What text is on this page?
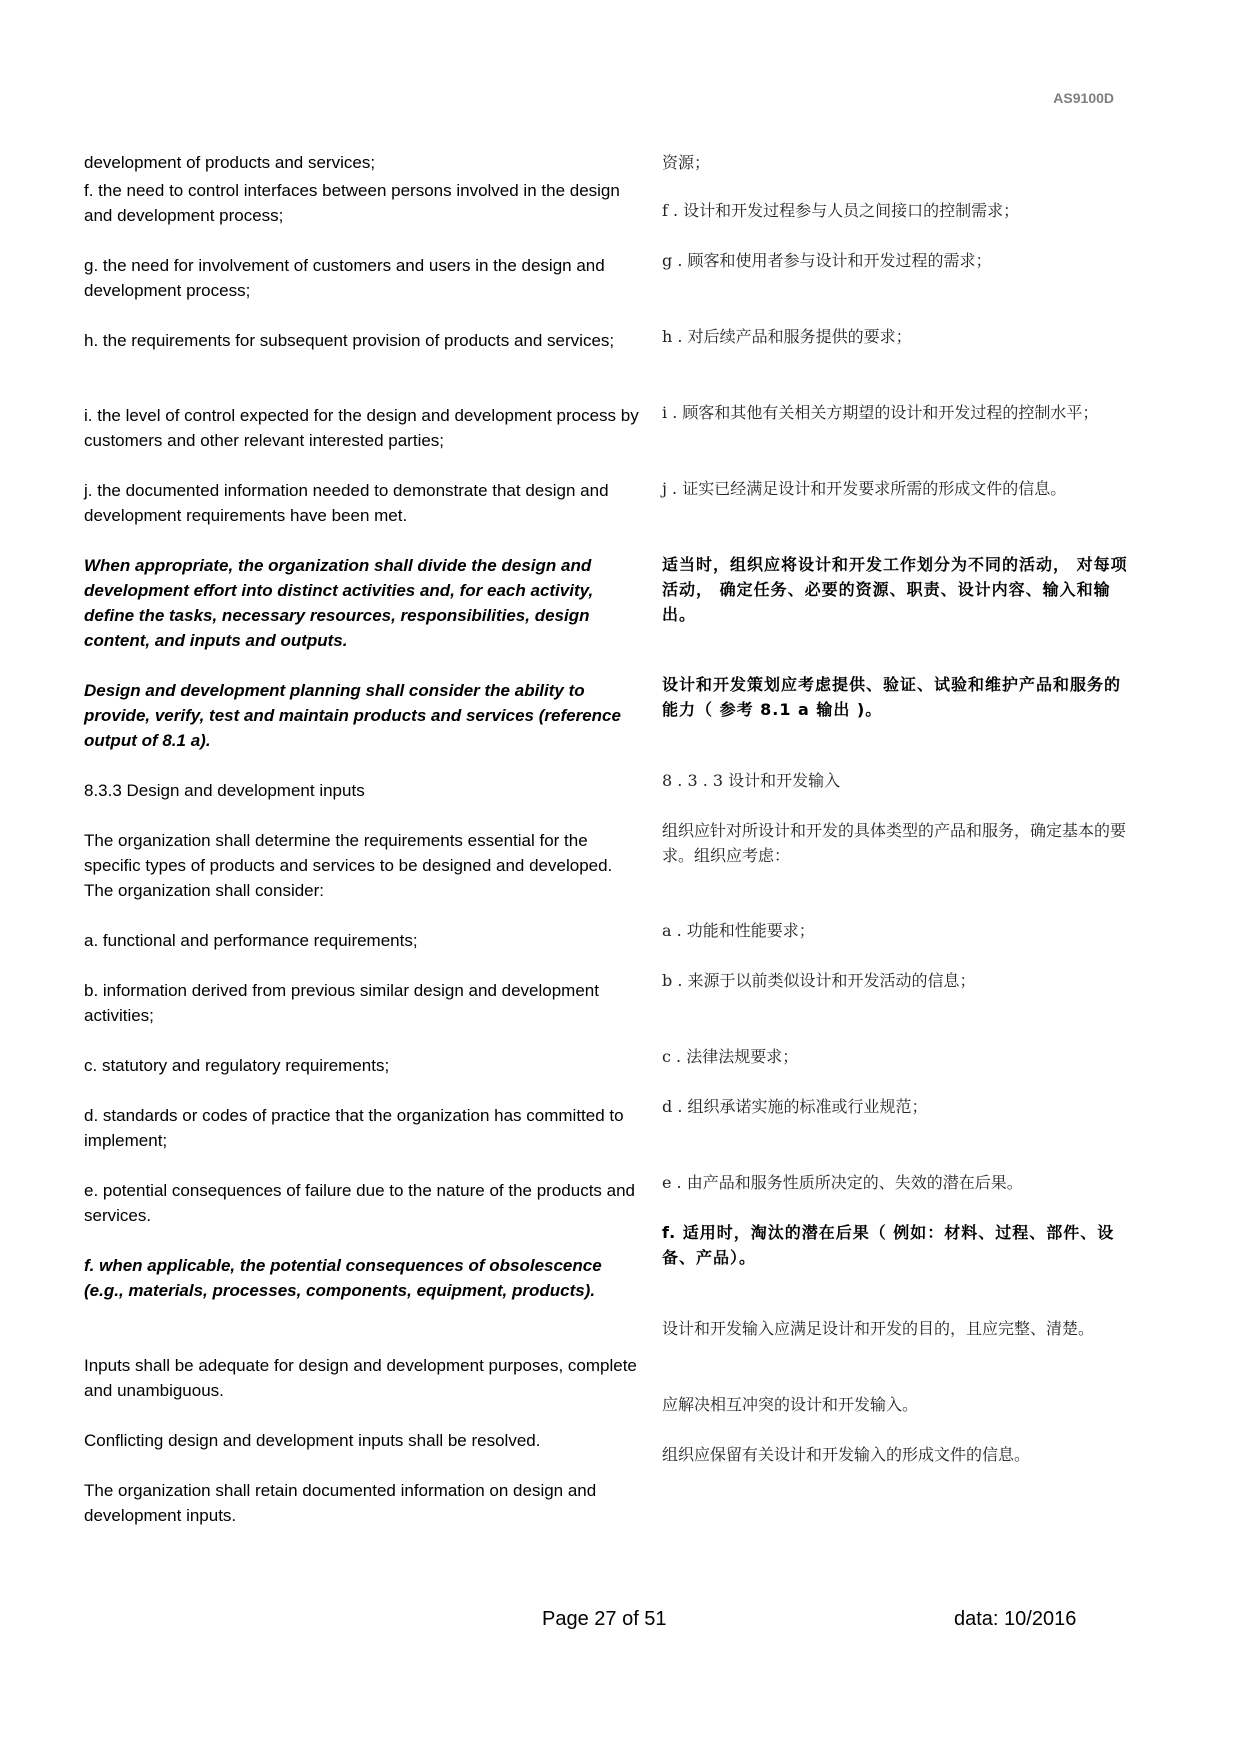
AS9100D

development of products and services;

f. the need to control interfaces between persons involved in the design and development process;

g. the need for involvement of customers and users in the design and development process;

h. the requirements for subsequent provision of products and services;

i. the level of control expected for the design and development process by customers and other relevant interested parties;

j. the documented information needed to demonstrate that design and development requirements have been met.

When appropriate, the organization shall divide the design and development effort into distinct activities and, for each activity, define the tasks, necessary resources, responsibilities, design content, and inputs and outputs.

Design and development planning shall consider the ability to provide, verify, test and maintain products and services (reference output of 8.1 a).

8.3.3 Design and development inputs

The organization shall determine the requirements essential for the specific types of products and services to be designed and developed. The organization shall consider:

a. functional and performance requirements;

b. information derived from previous similar design and development activities;

c. statutory and regulatory requirements;

d. standards or codes of practice that the organization has committed to implement;

e. potential consequences of failure due to the nature of the products and services.

f. when applicable, the potential consequences of obsolescence (e.g., materials, processes, components, equipment, products).

Inputs shall be adequate for design and development purposes, complete and unambiguous.

Conflicting design and development inputs shall be resolved.

The organization shall retain documented information on design and development inputs.

资源；

f . 设计和开发过程参与人员之间接口的控制需求；

g . 顾客和使用者参与设计和开发过程的需求；

h . 对后续产品和服务提供的要求；

i . 顾客和其他有关相关方期望的设计和开发过程的控制水平；

j . 证实已经满足设计和开发要求所需的形成文件的信息。

适当时，组织应将设计和开发工作划分为不同的活动， 对每项活动， 确定任务、必要的资源、职责、设计内容、输入和输出。

设计和开发策划应考虑提供、验证、试验和维护产品和服务的能力（ 参考 8.1 a 输出 )。

8 . 3 . 3 设计和开发输入

组织应针对所设计和开发的具体类型的产品和服务，确定基本的要求。组织应考虑：

a . 功能和性能要求；

b . 来源于以前类似设计和开发活动的信息；

c . 法律法规要求；

d . 组织承诺实施的标准或行业规范；

e . 由产品和服务性质所决定的、失效的潜在后果。

f. 适用时，淘汰的潜在后果（ 例如：材料、过程、部件、设备、产品）。

设计和开发输入应满足设计和开发的目的，且应完整、清楚。

应解决相互冲突的设计和开发输入。

组织应保留有关设计和开发输入的形成文件的信息。

Page 27 of 51	data: 10/2016
